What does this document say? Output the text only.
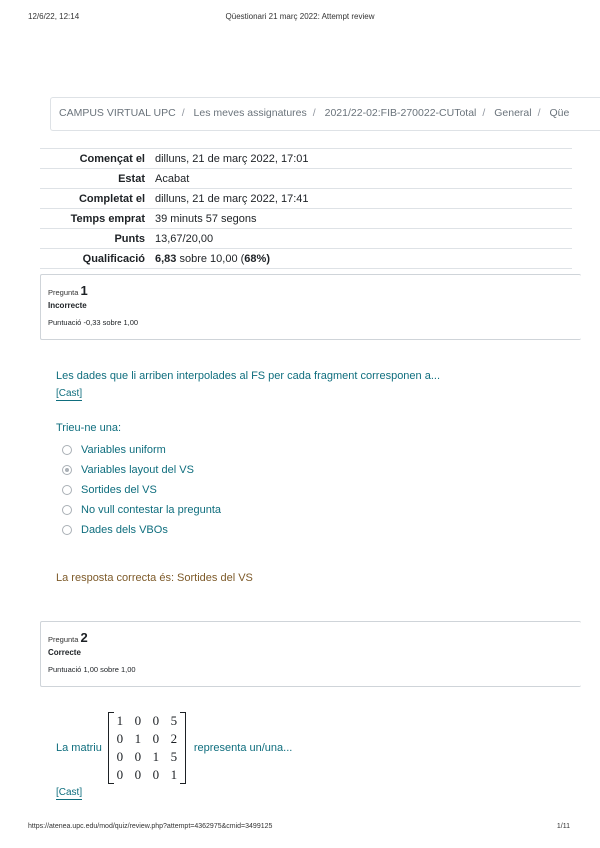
12/6/22, 12:14	Qüestionari 21 març 2022: Attempt review
CAMPUS VIRTUAL UPC / Les meves assignatures / 2021/22-02:FIB-270022-CUTotal / General / Qüe
Començat el dilluns, 21 de març 2022, 17:01
Estat Acabat
Completat el dilluns, 21 de març 2022, 17:41
Temps emprat 39 minuts 57 segons
Punts 13,67/20,00
Qualificació 6,83 sobre 10,00 (68%)
Pregunta 1
Incorrecte
Puntuació -0,33 sobre 1,00
Les dades que li arriben interpolades al FS per cada fragment corresponen a...
[Cast]
Trieu-ne una:
Variables uniform
Variables layout del VS
Sortides del VS
No vull contestar la pregunta
Dades dels VBOs
La resposta correcta és: Sortides del VS
Pregunta 2
Correcte
Puntuació 1,00 sobre 1,00
La matriu
1 0 0 5
0 1 0 2
0 0 1 5
0 0 0 1
representa un/una...
[Cast]
https://atenea.upc.edu/mod/quiz/review.php?attempt=4362975&cmid=3499125	1/11
